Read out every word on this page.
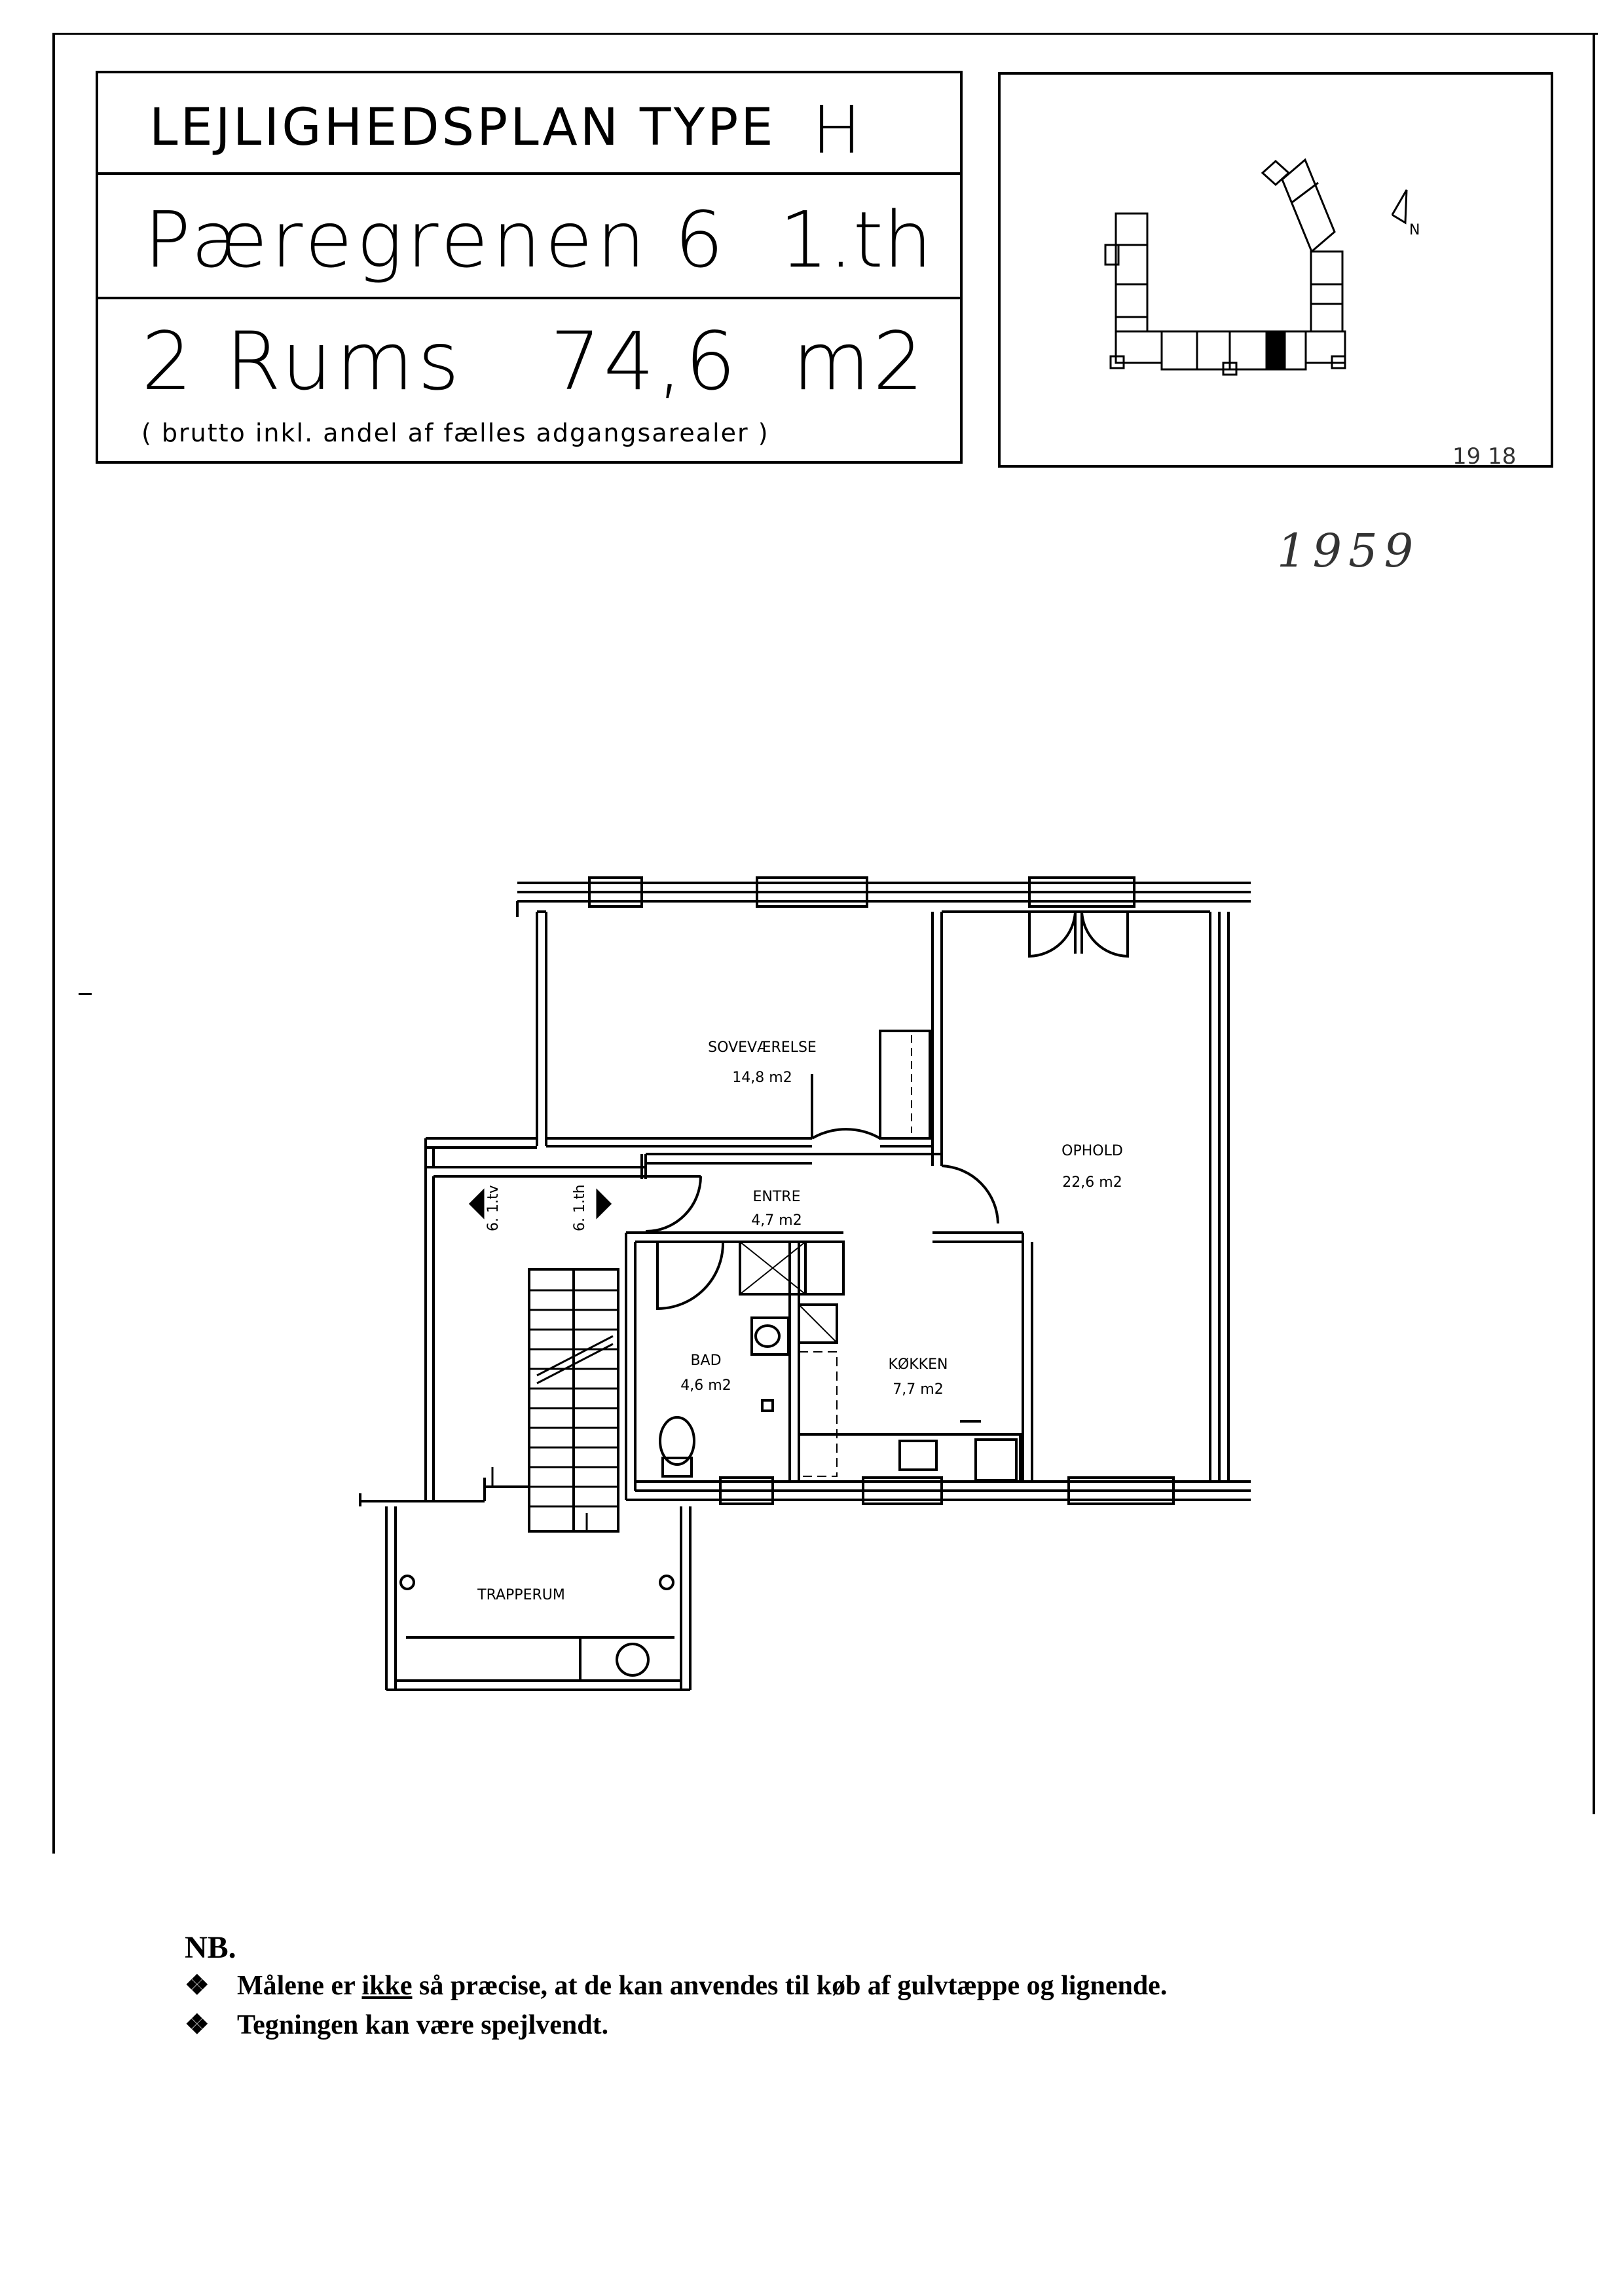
LEJLIGHEDSPLAN TYPE H
Pæregrenen 6 1.th
2 Rums 74,6 m2
( brutto inkl. andel af fælles adgangsarealer )
N
19 18
1959
SOVEVÆRELSE
14,8 m2
OPHOLD
22,6 m2
ENTRE
4,7 m2
BAD
4,6 m2
KØKKEN
7,7 m2
TRAPPERUM
6. 1.tv	6. 1.th
NB.
❖ Målene er ikke så præcise, at de kan anvendes til køb af gulvtæppe og lignende.
❖ Tegningen kan være spejlvendt.
